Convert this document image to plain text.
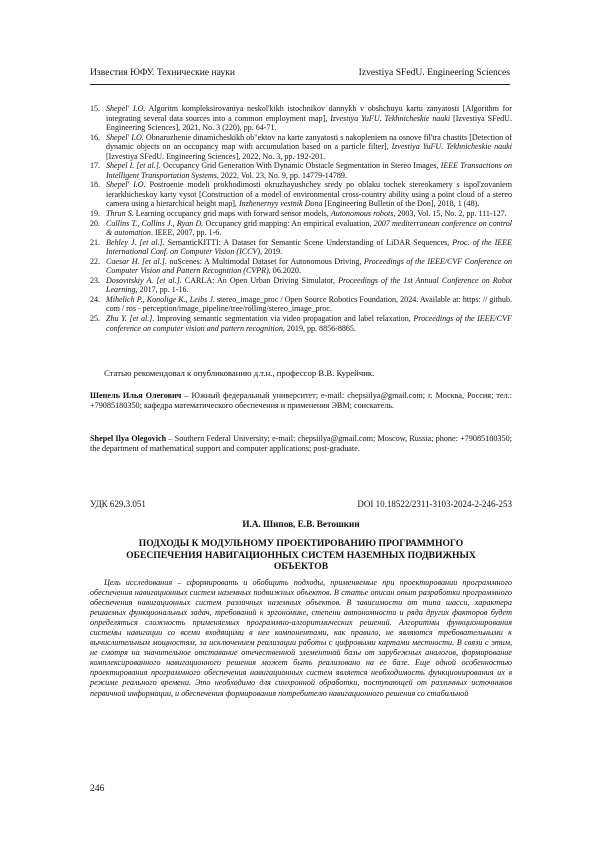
Известия ЮФУ. Технические науки	Izvestiya SFedU. Engineering Sciences
15. Shepel' I.O. Algoritm kompleksirovaniya neskol'kikh istochnikov dannykh v obshchuyu kartu zanyatosti [Algorithm for integrating several data sources into a common employment map], Izvestiya YuFU. Tekhnicheskie nauki [Izvestiya SFedU. Engineering Sciences], 2021, No. 3 (220), pp. 64-71.
16. Shepel' I.O. Obnaruzhenie dinamicheskikh ob"ektov na karte zanyatosti s nakopleniem na osnove fil'tra chastits [Detection of dynamic objects on an occupancy map with accumulation based on a particle filter], Izvestiya YuFU. Tekhnicheskie nauki [Izvestiya SFedU. Engineering Sciences], 2022, No. 3, pp. 192-201.
17. Shepel I. [et al.]. Occupancy Grid Generation With Dynamic Obstacle Segmentation in Stereo Images, IEEE Transactions on Intelligent Transportation Systems, 2022, Vol. 23, No. 9, pp. 14779-14789.
18. Shepel' I.O. Postroenie modeli prokhodimosti okruzhayushchey sredy po oblaku tochek stereokamery s ispol'zovaniem ierarkhicheskoy karty vysot [Construction of a model of environmental cross-country ability using a point cloud of a stereo camera using a hierarchical height map], Inzhenernyy vestnik Dona [Engineering Bulletin of the Don], 2018, 1 (48).
19. Thrun S. Learning occupancy grid maps with forward sensor models, Autonomous robots, 2003, Vol. 15, No. 2, pp. 111-127.
20. Collins T., Collins J., Ryan D. Occupancy grid mapping: An empirical evaluation, 2007 mediterranean conference on control & automation. IEEE, 2007, pp. 1-6.
21. Behley J. [et al.]. SemanticKITTI: A Dataset for Semantic Scene Understanding of LiDAR Sequences, Proc. of the IEEE International Conf. on Computer Vision (ICCV), 2019.
22. Caesar H. [et al.]. nuScenes: A Multimodal Dataset for Autonomous Driving, Proceedings of the IEEE/CVF Conference on Computer Vision and Pattern Recognition (CVPR), 06.2020.
23. Dosovitskiy A. [et al.]. CARLA: An Open Urban Driving Simulator, Proceedings of the 1st Annual Conference on Robot Learning, 2017, pp. 1-16.
24. Mihelich P., Konolige K., Leibs J. stereo_image_proc / Open Source Robotics Foundation, 2024. Available at: https: // github. com / ros - perception/image_pipeline/tree/rolling/stereo_image_proc.
25. Zhu Y. [et al.]. Improving semantic segmentation via video propagation and label relaxation, Proceedings of the IEEE/CVF conference on computer vision and pattern recognition, 2019, pp. 8856-8865.
Статью рекомендовал к опубликованию д.т.н., профессор В.В. Курейчик.
Шепель Илья Олегович – Южный федеральный университет; e-mail: chepsiilya@gmail.com; г. Москва, Россия; тел.: +79085180350; кафедра математического обеспечения и применения ЭВМ; соискатель.
Shepel Ilya Olegovich – Southern Federal University; e-mail: chepsiilya@gmail.com; Moscow, Russia; phone: +79085180350; the department of mathematical support and computer applications; post-graduate.
УДК 629.3.051	DOI 10.18522/2311-3103-2024-2-246-253
И.А. Шипов, Е.В. Ветошкин
ПОДХОДЫ К МОДУЛЬНОМУ ПРОЕКТИРОВАНИЮ ПРОГРАММНОГО ОБЕСПЕЧЕНИЯ НАВИГАЦИОННЫХ СИСТЕМ НАЗЕМНЫХ ПОДВИЖНЫХ ОБЪЕКТОВ
Цель исследования – сформировать и обобщить подходы, применяемые при проектировании программного обеспечения навигационных систем наземных подвижных объектов. В статье описан опыт разработки программного обеспечения навигационных систем различных наземных объектов. В зависимости от типа шасси, характера решаемых функциональных задач, требований к эргономике, степени автономности и ряда других факторов будет определяться сложность применяемых программно-алгоритмических решений. Алгоритмы функционирования системы навигации со всеми входящими в нее компонентами, как правило, не являются требовательными к вычислительным мощностям, за исключением реализации работы с цифровыми картами местности. В связи с этим, не смотря на значительное отставание отечественной элементной базы от зарубежных аналогов, формирование комплексированного навигационного решения может быть реализовано на ее базе. Еще одной особенностью проектирования программного обеспечения навигационных систем является необходимость функционирования их в режиме реального времени. Это необходимо для синхронной обработки, поступающей от различных источников первичной информации, и обеспечения формирования потребителю навигационного решения со стабильной
246
